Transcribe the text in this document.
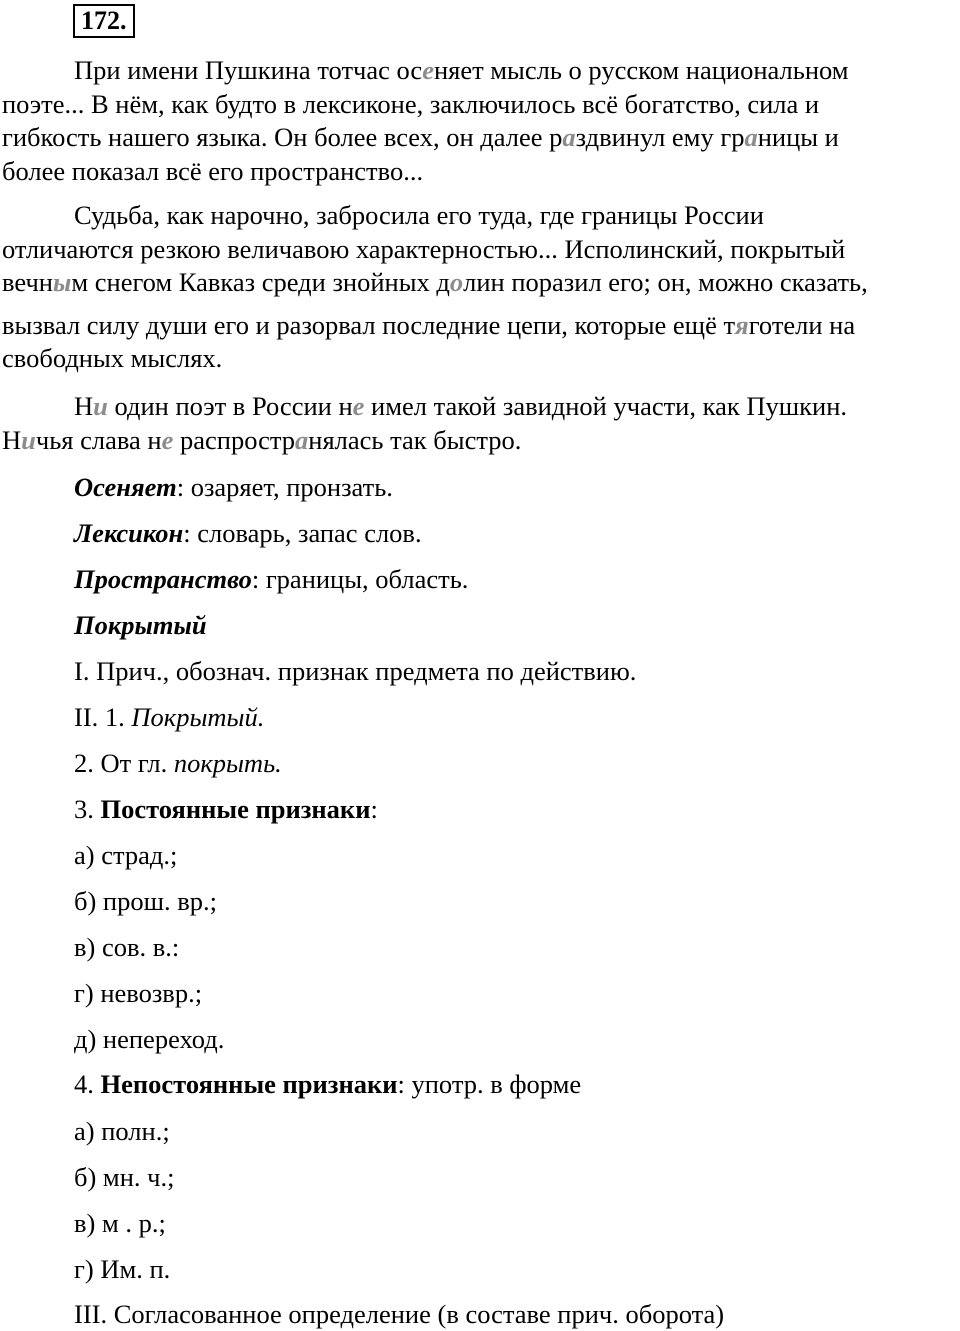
172.
При имени Пушкина тотчас осеняет мысль о русском национальном
поэте... В нём, как будто в лексиконе, заключилось всё богатство, сила и
гибкость нашего языка. Он более всех, он далее раздвинул ему границы и
более показал всё его пространство...
Судьба, как нарочно, забросила его туда, где границы России
отличаются резкою величавою характерностью... Исполинский, покрытый
вечным снегом Кавказ среди знойных долин поразил его; он, можно сказать,
вызвал силу души его и разорвал последние цепи, которые ещё тяготели на
свободных мыслях.
Ни один поэт в России не имел такой завидной участи, как Пушкин.
Ничья слава не распространялась так быстро.
Осеняет: озаряет, пронзать.
Лексикон: словарь, запас слов.
Пространство: границы, область.
Покрытый
I. Прич., обознач. признак предмета по действию.
II. 1. Покрытый.
2. От гл. покрыть.
3. Постоянные признаки:
а) страд.;
б) прош. вр.;
в) сов. в.:
г) невозвр.;
д) непереход.
4. Непостоянные признаки: употр. в форме
а) полн.;
б) мн. ч.;
в) м . р.;
г) Им. п.
III. Согласованное определение (в составе прич. оборота)
